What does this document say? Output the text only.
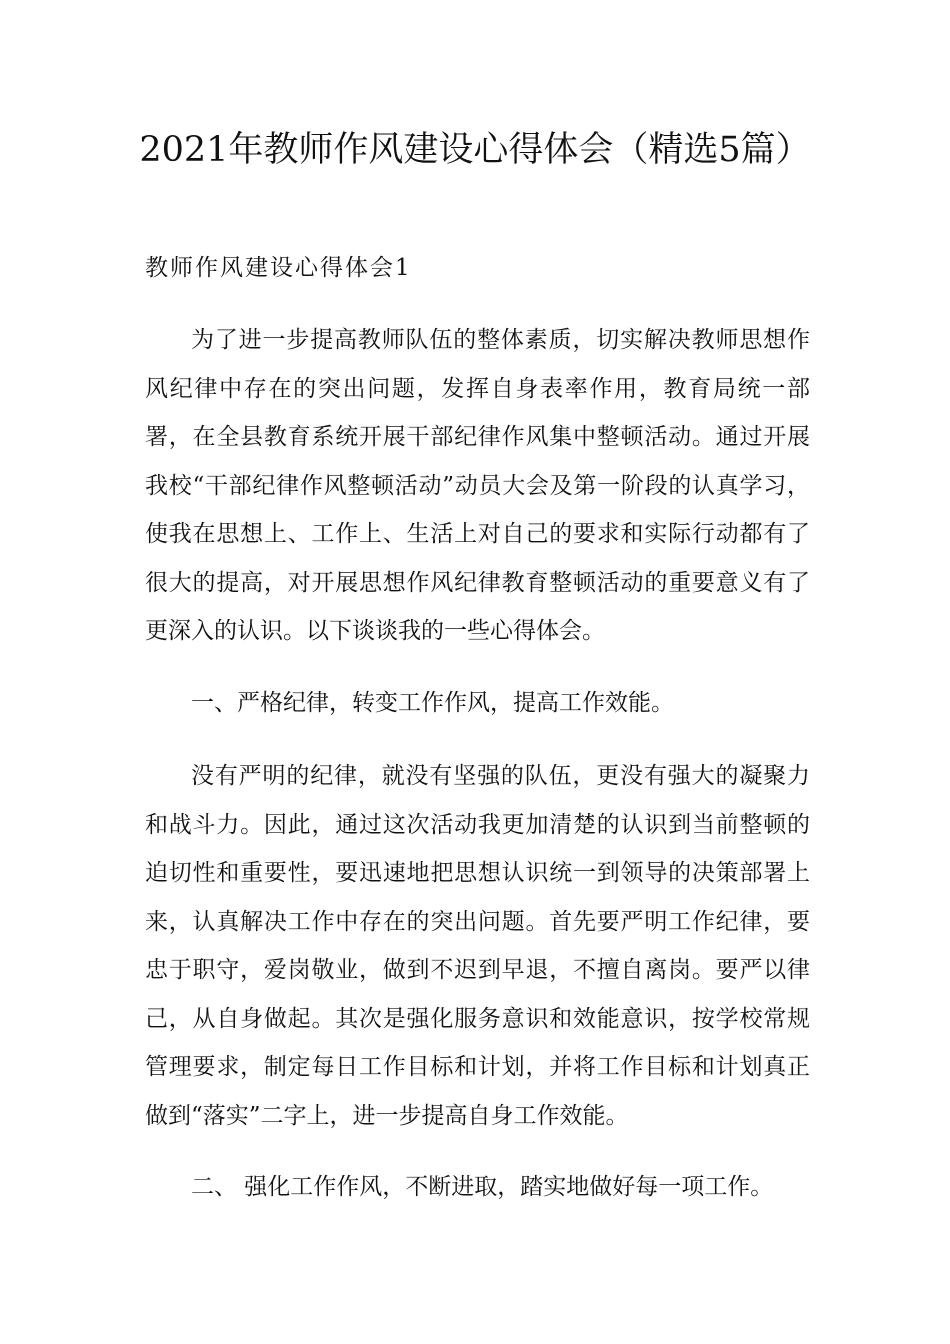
2021年教师作风建设心得体会（精选5篇）
教师作风建设心得体会1

为了进一步提高教师队伍的整体素质，切实解决教师思想作风纪律中存在的突出问题，发挥自身表率作用，教育局统一部署，在全县教育系统开展干部纪律作风集中整顿活动。通过开展我校“干部纪律作风整顿活动”动员大会及第一阶段的认真学习，使我在思想上、工作上、生活上对自己的要求和实际行动都有了很大的提高，对开展思想作风纪律教育整顿活动的重要意义有了更深入的认识。以下谈谈我的一些心得体会。

一、严格纪律，转变工作作风，提高工作效能。

没有严明的纪律，就没有坚强的队伍，更没有强大的凝聚力和战斗力。因此，通过这次活动我更加清楚的认识到当前整顿的迫切性和重要性，要迅速地把思想认识统一到领导的决策部署上来，认真解决工作中存在的突出问题。首先要严明工作纪律，要忠于职守，爱岗敬业，做到不迟到早退，不擅自离岗。要严以律己，从自身做起。其次是强化服务意识和效能意识，按学校常规管理要求，制定每日工作目标和计划，并将工作目标和计划真正做到“落实”二字上，进一步提高自身工作效能。

二、 强化工作作风，不断进取，踏实地做好每一项工作。
